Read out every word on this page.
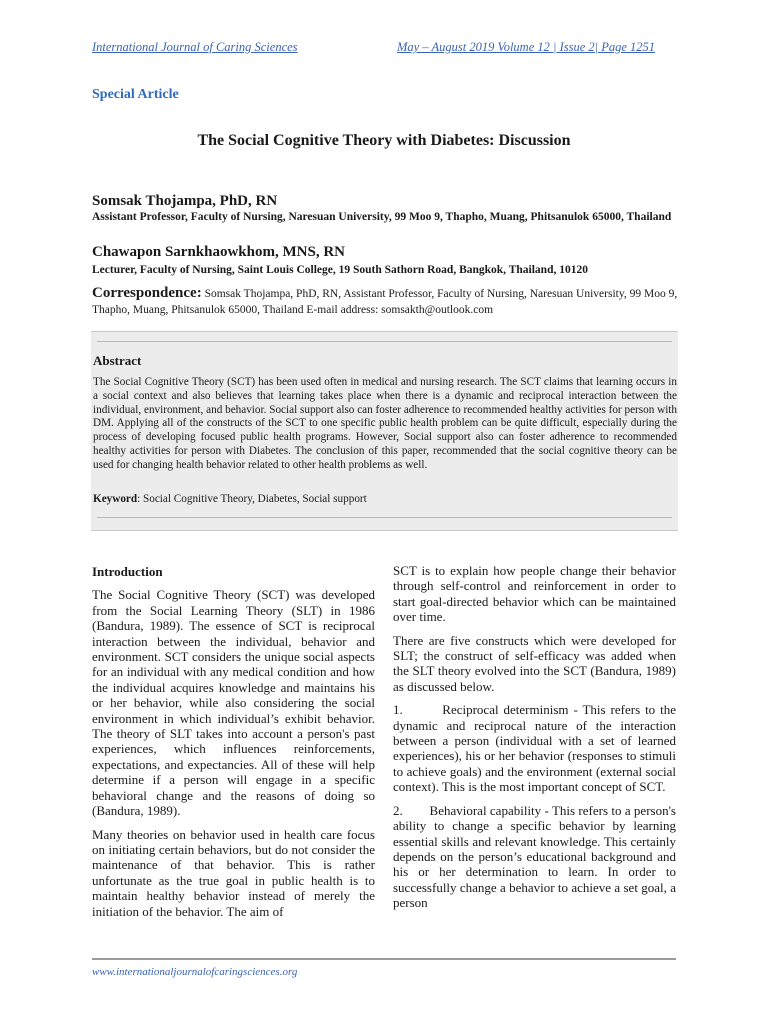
International Journal of Caring Sciences	May – August 2019 Volume 12 | Issue 2| Page 1251
Special Article
The Social Cognitive Theory with Diabetes: Discussion
Somsak Thojampa, PhD, RN
Assistant Professor, Faculty of Nursing, Naresuan University, 99 Moo 9, Thapho, Muang, Phitsanulok 65000, Thailand
Chawapon Sarnkhaowkhom, MNS, RN
Lecturer, Faculty of Nursing, Saint Louis College, 19 South Sathorn Road, Bangkok, Thailand, 10120
Correspondence: Somsak Thojampa, PhD, RN, Assistant Professor, Faculty of Nursing, Naresuan University, 99 Moo 9, Thapho, Muang, Phitsanulok 65000, Thailand E-mail address: somsakth@outlook.com
Abstract
The Social Cognitive Theory (SCT) has been used often in medical and nursing research. The SCT claims that learning occurs in a social context and also believes that learning takes place when there is a dynamic and reciprocal interaction between the individual, environment, and behavior. Social support also can foster adherence to recommended healthy activities for person with DM. Applying all of the constructs of the SCT to one specific public health problem can be quite difficult, especially during the process of developing focused public health programs. However, Social support also can foster adherence to recommended healthy activities for person with Diabetes. The conclusion of this paper, recommended that the social cognitive theory can be used for changing health behavior related to other health problems as well.
Keyword: Social Cognitive Theory, Diabetes, Social support
Introduction

The Social Cognitive Theory (SCT) was developed from the Social Learning Theory (SLT) in 1986 (Bandura, 1989). The essence of SCT is reciprocal interaction between the individual, behavior and environment. SCT considers the unique social aspects for an individual with any medical condition and how the individual acquires knowledge and maintains his or her behavior, while also considering the social environment in which individual’s exhibit behavior. The theory of SLT takes into account a person's past experiences, which influences reinforcements, expectations, and expectancies. All of these will help determine if a person will engage in a specific behavioral change and the reasons of doing so (Bandura, 1989).

Many theories on behavior used in health care focus on initiating certain behaviors, but do not consider the maintenance of that behavior. This is rather unfortunate as the true goal in public health is to maintain healthy behavior instead of merely the initiation of the behavior. The aim of

SCT is to explain how people change their behavior through self-control and reinforcement in order to start goal-directed behavior which can be maintained over time.

There are five constructs which were developed for SLT; the construct of self-efficacy was added when the SLT theory evolved into the SCT (Bandura, 1989) as discussed below.

1.        Reciprocal determinism - This refers to the dynamic and reciprocal nature of the interaction between a person (individual with a set of learned experiences), his or her behavior (responses to stimuli to achieve goals) and the environment (external social context). This is the most important concept of SCT.

2.        Behavioral capability - This refers to a person's ability to change a specific behavior by learning essential skills and relevant knowledge. This certainly depends on the person’s educational background and his or her determination to learn. In order to successfully change a behavior to achieve a set goal, a person

www.internationaljournalofcaringsciences.org
